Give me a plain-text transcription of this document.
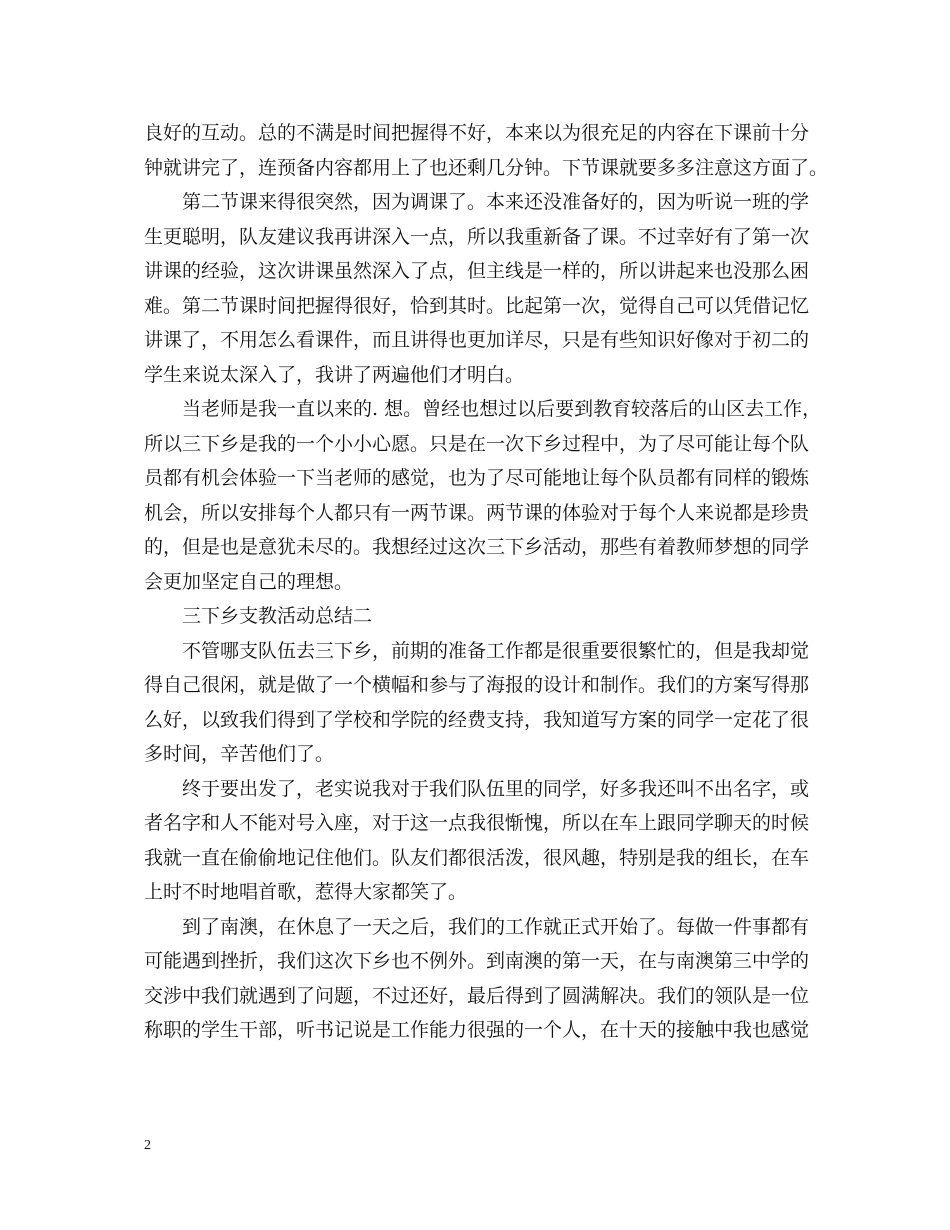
良好的互动。总的不满是时间把握得不好，本来以为很充足的内容在下课前十分
钟就讲完了，连预备内容都用上了也还剩几分钟。下节课就要多多注意这方面了。
第二节课来得很突然，因为调课了。本来还没准备好的，因为听说一班的学
生更聪明，队友建议我再讲深入一点，所以我重新备了课。不过幸好有了第一次
讲课的经验，这次讲课虽然深入了点，但主线是一样的，所以讲起来也没那么困
难。第二节课时间把握得很好，恰到其时。比起第一次，觉得自己可以凭借记忆
讲课了，不用怎么看课件，而且讲得也更加详尽，只是有些知识好像对于初二的
学生来说太深入了，我讲了两遍他们才明白。
当老师是我一直以来的. 想。曾经也想过以后要到教育较落后的山区去工作，
所以三下乡是我的一个小小心愿。只是在一次下乡过程中，为了尽可能让每个队
员都有机会体验一下当老师的感觉，也为了尽可能地让每个队员都有同样的锻炼
机会，所以安排每个人都只有一两节课。两节课的体验对于每个人来说都是珍贵
的，但是也是意犹未尽的。我想经过这次三下乡活动，那些有着教师梦想的同学
会更加坚定自己的理想。
三下乡支教活动总结二
不管哪支队伍去三下乡，前期的准备工作都是很重要很繁忙的，但是我却觉
得自己很闲，就是做了一个横幅和参与了海报的设计和制作。我们的方案写得那
么好，以致我们得到了学校和学院的经费支持，我知道写方案的同学一定花了很
多时间，辛苦他们了。
终于要出发了，老实说我对于我们队伍里的同学，好多我还叫不出名字，或
者名字和人不能对号入座，对于这一点我很惭愧，所以在车上跟同学聊天的时候
我就一直在偷偷地记住他们。队友们都很活泼，很风趣，特别是我的组长，在车
上时不时地唱首歌，惹得大家都笑了。
到了南澳，在休息了一天之后，我们的工作就正式开始了。每做一件事都有
可能遇到挫折，我们这次下乡也不例外。到南澳的第一天，在与南澳第三中学的
交涉中我们就遇到了问题，不过还好，最后得到了圆满解决。我们的领队是一位
称职的学生干部，听书记说是工作能力很强的一个人，在十天的接触中我也感觉
2
